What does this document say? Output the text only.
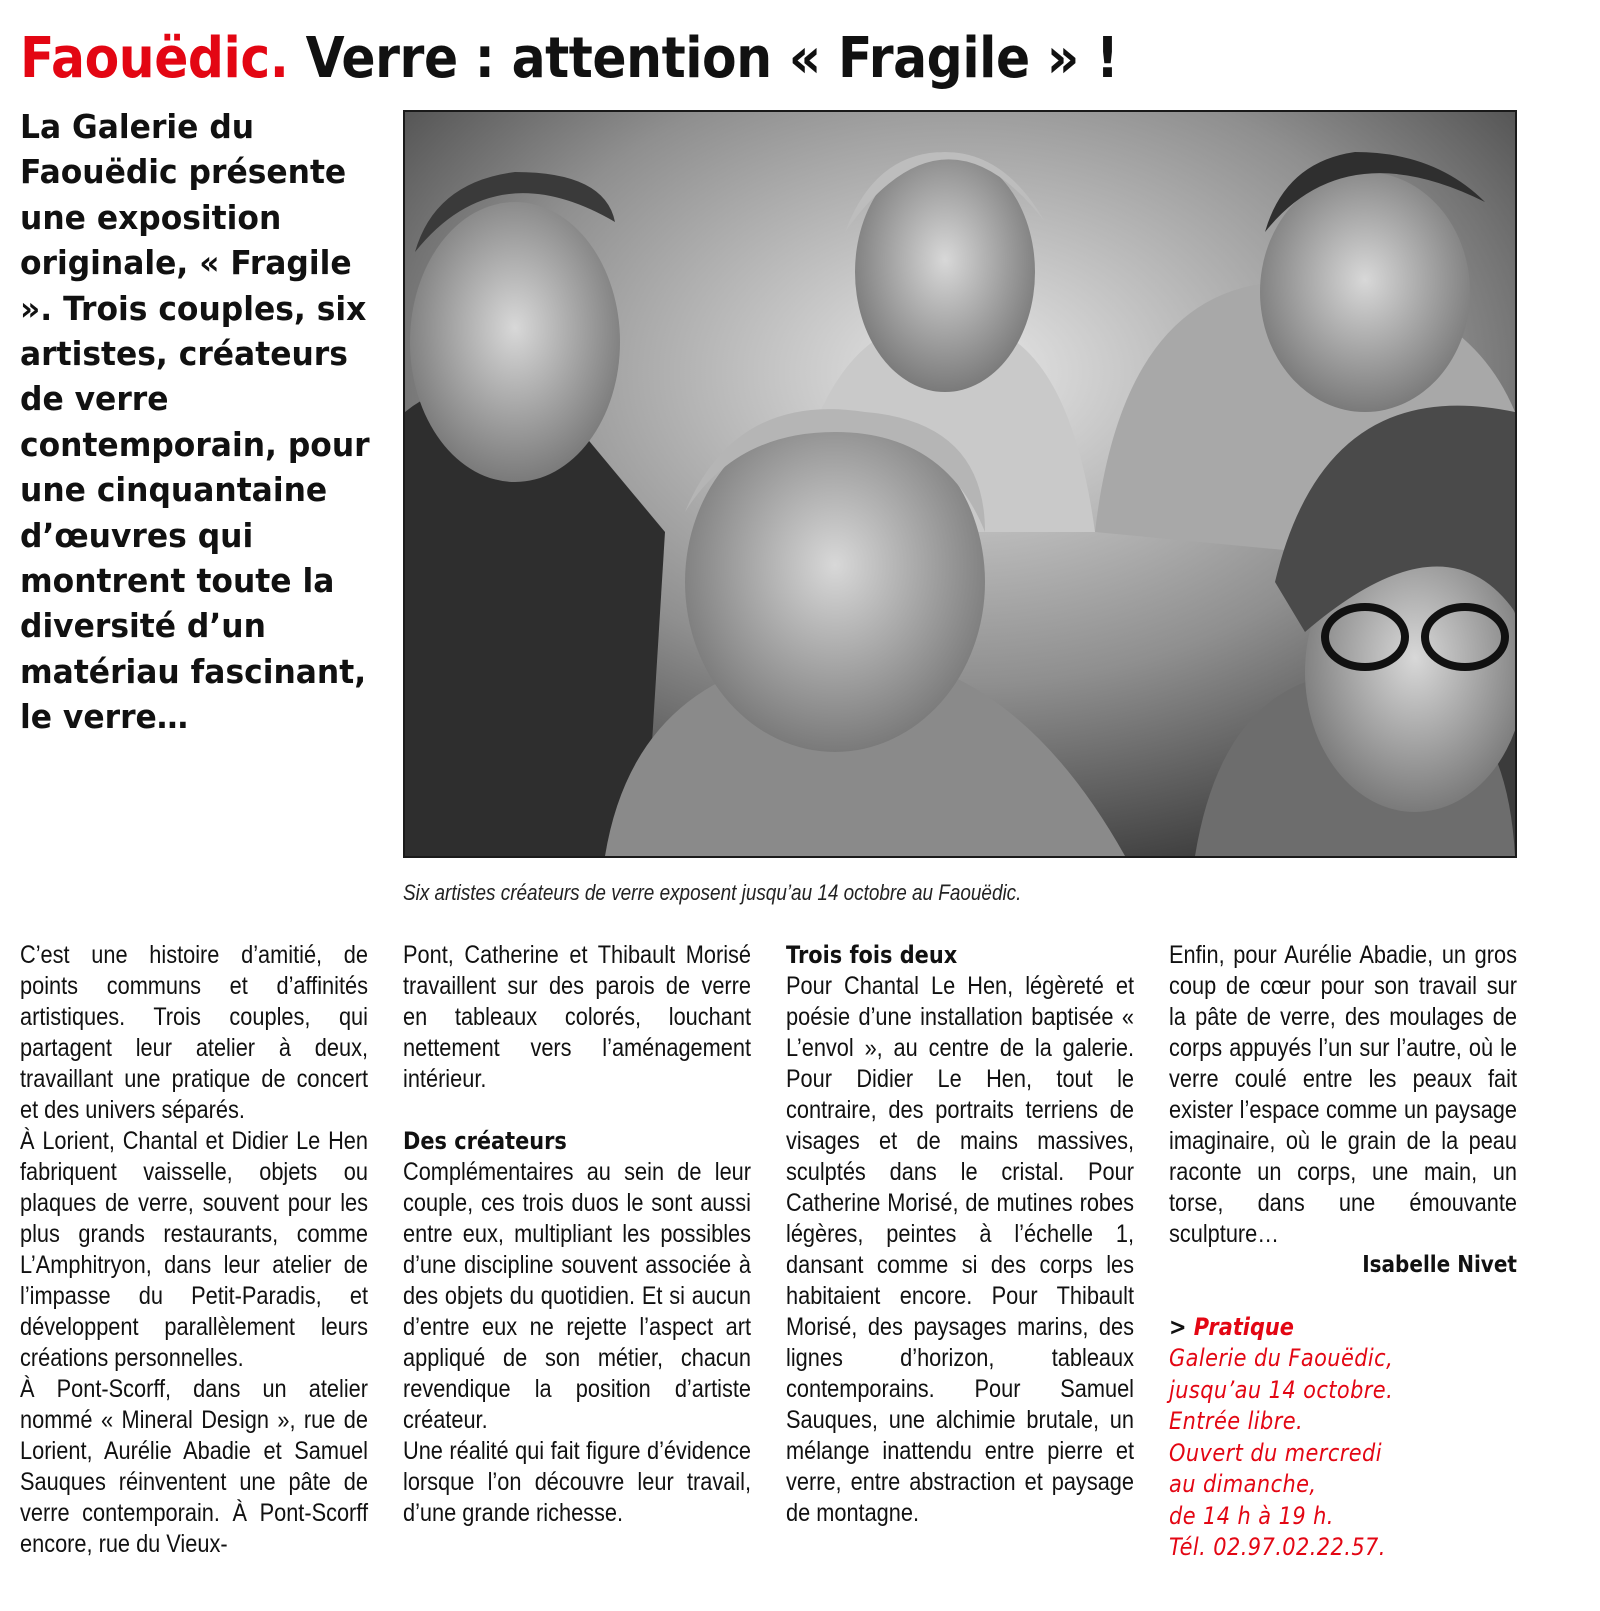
Faouëdic. Verre : attention « Fragile » !
La Galerie du Faouëdic présente une exposition originale, « Fragile ». Trois couples, six artistes, créateurs de verre contemporain, pour une cinquantaine d’œuvres qui montrent toute la diversité d’un matériau fascinant, le verre…
Six artistes créateurs de verre exposent jusqu’au 14 octobre au Faouëdic.

C’est une histoire d’amitié, de points communs et d’affinités artistiques. Trois couples, qui partagent leur atelier à deux, travaillant une pratique de concert et des univers séparés.

À Lorient, Chantal et Didier Le Hen fabriquent vaisselle, objets ou plaques de verre, souvent pour les plus grands restaurants, comme L’Amphitryon, dans leur atelier de l’impasse du Petit-Paradis, et développent parallèlement leurs créations personnelles.

À Pont-Scorff, dans un atelier nommé « Mineral Design », rue de Lorient, Aurélie Abadie et Samuel Sauques réinventent une pâte de verre contemporain. À Pont-Scorff encore, rue du Vieux-

Pont, Catherine et Thibault Morisé travaillent sur des parois de verre en tableaux colorés, louchant nettement vers l’aménagement intérieur.

Des créateurs

Complémentaires au sein de leur couple, ces trois duos le sont aussi entre eux, multipliant les possibles d’une discipline souvent associée à des objets du quotidien. Et si aucun d’entre eux ne rejette l’aspect art appliqué de son métier, chacun revendique la position d’artiste créateur.

Une réalité qui fait figure d’évidence lorsque l’on découvre leur travail, d’une grande richesse.

Trois fois deux

Pour Chantal Le Hen, légèreté et poésie d’une installation baptisée « L’envol », au centre de la galerie. Pour Didier Le Hen, tout le contraire, des portraits terriens de visages et de mains massives, sculptés dans le cristal. Pour Catherine Morisé, de mutines robes légères, peintes à l’échelle 1, dansant comme si des corps les habitaient encore. Pour Thibault Morisé, des paysages marins, des lignes d’horizon, tableaux contemporains. Pour Samuel Sauques, une alchimie brutale, un mélange inattendu entre pierre et verre, entre abstraction et paysage de montagne.

Enfin, pour Aurélie Abadie, un gros coup de cœur pour son travail sur la pâte de verre, des moulages de corps appuyés l’un sur l’autre, où le verre coulé entre les peaux fait exister l’espace comme un paysage imaginaire, où le grain de la peau raconte un corps, une main, un torse, dans une émouvante sculpture…

Isabelle Nivet

> Pratique
Galerie du Faouëdic,
jusqu’au 14 octobre.
Entrée libre.
Ouvert du mercredi
au dimanche,
de 14 h à 19 h.
Tél. 02.97.02.22.57.
